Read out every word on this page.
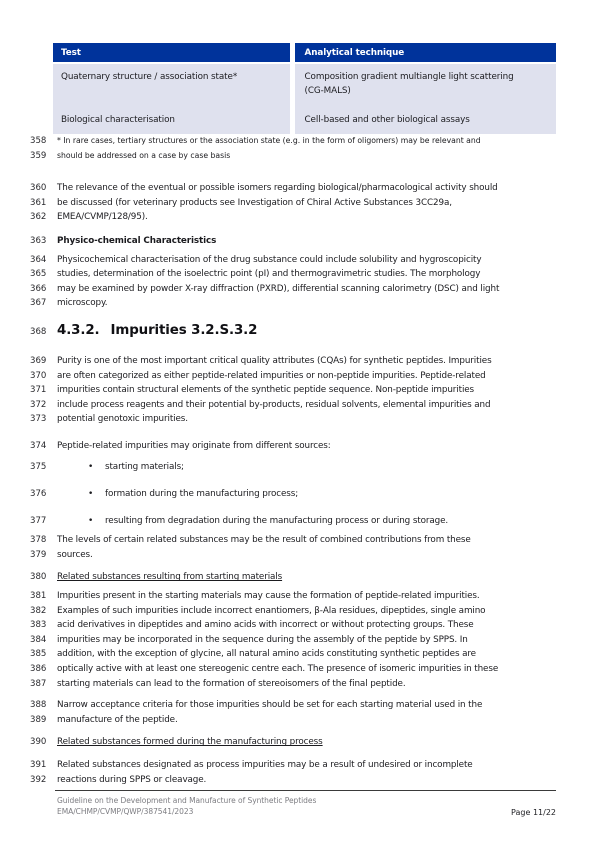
Test	Analytical technique
Quaternary structure / association state*	Composition gradient multiangle light scattering
(CG-MALS)
Biological characterisation	Cell-based and other biological assays
358 * In rare cases, tertiary structures or the association state (e.g. in the form of oligomers) may be relevant and
359 should be addressed on a case by case basis
360 The relevance of the eventual or possible isomers regarding biological/pharmacological activity should
361 be discussed (for veterinary products see Investigation of Chiral Active Substances 3CC29a,
362 EMEA/CVMP/128/95).
363 Physico-chemical Characteristics
364 Physicochemical characterisation of the drug substance could include solubility and hygroscopicity
365 studies, determination of the isoelectric point (pI) and thermogravimetric studies. The morphology
366 may be examined by powder X-ray diffraction (PXRD), differential scanning calorimetry (DSC) and light
367 microscopy.
368 4.3.2. Impurities 3.2.S.3.2
369 Purity is one of the most important critical quality attributes (CQAs) for synthetic peptides. Impurities
370 are often categorized as either peptide-related impurities or non-peptide impurities. Peptide-related
371 impurities contain structural elements of the synthetic peptide sequence. Non-peptide impurities
372 include process reagents and their potential by-products, residual solvents, elemental impurities and
373 potential genotoxic impurities.
374 Peptide-related impurities may originate from different sources:
375	•	starting materials;
376	•	formation during the manufacturing process;
377	•	resulting from degradation during the manufacturing process or during storage.
378 The levels of certain related substances may be the result of combined contributions from these
379 sources.
380 Related substances resulting from starting materials
381 Impurities present in the starting materials may cause the formation of peptide-related impurities.
382 Examples of such impurities include incorrect enantiomers, β-Ala residues, dipeptides, single amino
383 acid derivatives in dipeptides and amino acids with incorrect or without protecting groups. These
384 impurities may be incorporated in the sequence during the assembly of the peptide by SPPS. In
385 addition, with the exception of glycine, all natural amino acids constituting synthetic peptides are
386 optically active with at least one stereogenic centre each. The presence of isomeric impurities in these
387 starting materials can lead to the formation of stereoisomers of the final peptide.
388 Narrow acceptance criteria for those impurities should be set for each starting material used in the
389 manufacture of the peptide.
390 Related substances formed during the manufacturing process
391 Related substances designated as process impurities may be a result of undesired or incomplete
392 reactions during SPPS or cleavage.
Guideline on the Development and Manufacture of Synthetic Peptides
EMA/CHMP/CVMP/QWP/387541/2023	Page 11/22
